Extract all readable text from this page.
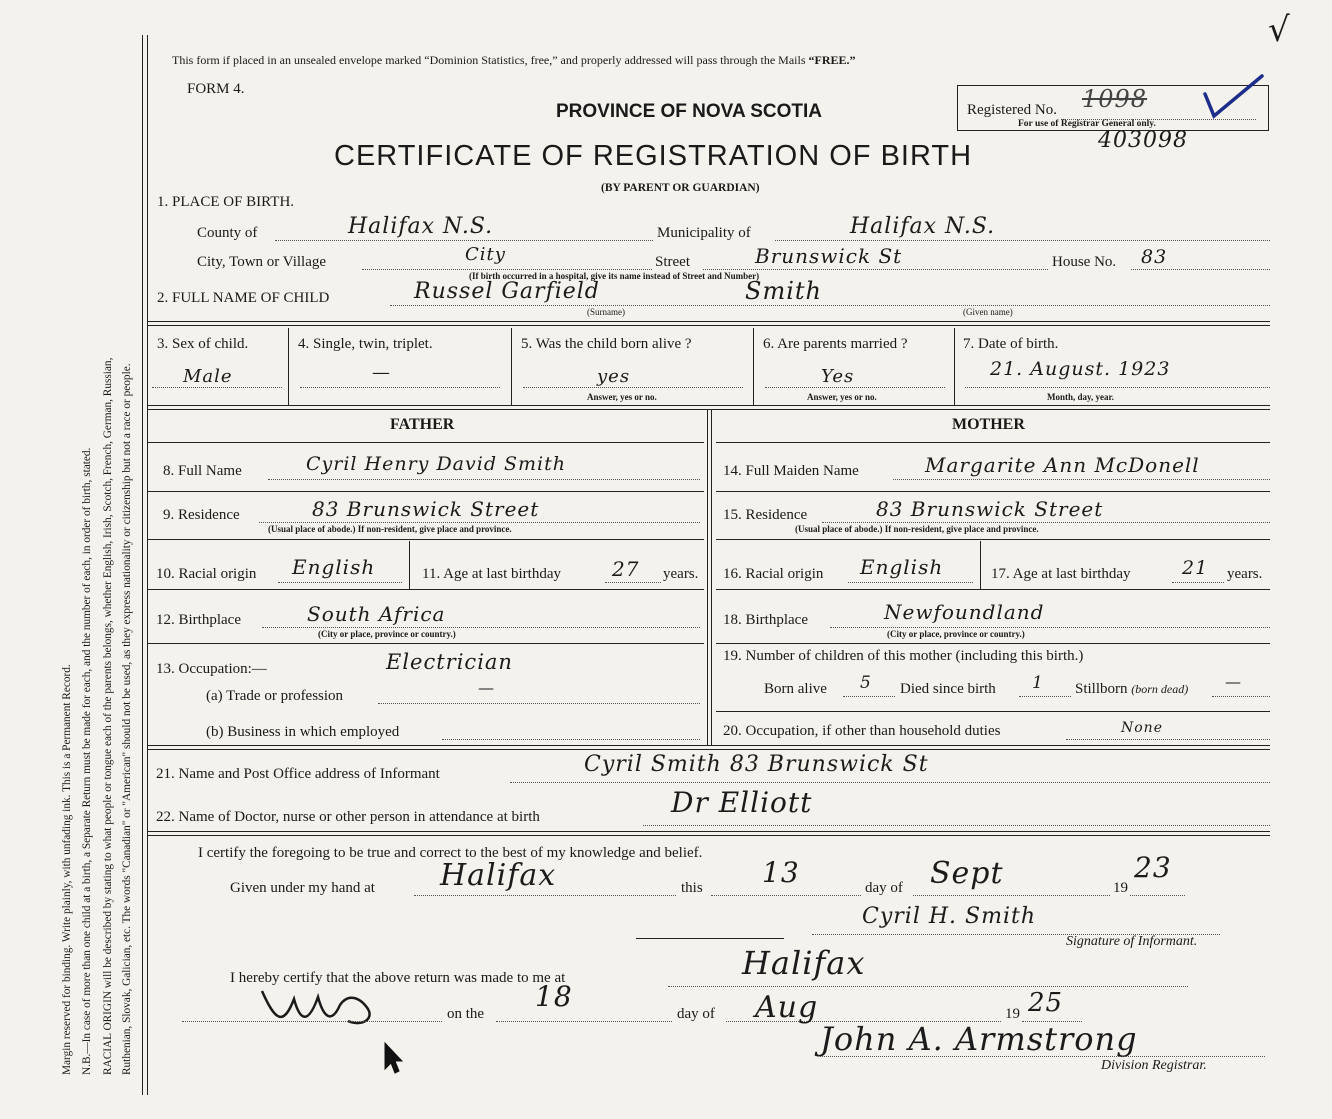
Margin reserved for binding. Write plainly, with unfading ink. This is a Permanent Record. N.B.—In case of more than one child at a birth, a Separate Return must be made for each, and the number of each, in order of birth, stated. RACIAL ORIGIN will be described by stating to what people or tongue each of the parents belongs, whether English, Irish, Scotch, French, German, Russian, Ruthenian, Slovak, Galician, etc. The words "Canadian" or "American" should not be used, as they express nationality or citizenship but not a race or people.
This form if placed in an unsealed envelope marked “Dominion Statistics, free,” and properly addressed will pass through the Mails “FREE.”
FORM 4.
PROVINCE OF NOVA SCOTIA
CERTIFICATE OF REGISTRATION OF BIRTH
(BY PARENT OR GUARDIAN)
Registered No. 1098
For use of Registrar General only.
403098
√
1. PLACE OF BIRTH.
County of	Halifax N.S.	Municipality of	Halifax N.S.
City, Town or Village	City	Street	Brunswick St	House No. 83
(If birth occurred in a hospital, give its name instead of Street and Number)
2. FULL NAME OF CHILD	Russel Garfield	Smith
(Surname)	(Given name)
3. Sex of child.
Male
4. Single, twin, triplet.
—
5. Was the child born alive ?
yes
Answer, yes or no.
6. Are parents married ?
Yes
Answer, yes or no.
7. Date of birth.
21. August. 1923
Month, day, year.
FATHER	MOTHER
8. Full Name	Cyril Henry David Smith	14. Full Maiden Name	Margarite Ann McDonell
9. Residence	83 Brunswick Street
(Usual place of abode.) If non-resident, give place and province.
15. Residence	83 Brunswick Street
(Usual place of abode.) If non-resident, give place and province.
10. Racial origin English	11. Age at last birthday	27 years. 16. Racial origin English	17. Age at last birthday	21 years.
12. Birthplace	South Africa
(City or place, province or country.)
18. Birthplace	Newfoundland
(City or place, province or country.)
13. Occupation:—	Electrician
(a) Trade or profession	—
(b) Business in which employed
19. Number of children of this mother (including this birth.)
Born alive 5 Died since birth 1 Stillborn (born dead) —
20. Occupation, if other than household duties	None
21. Name and Post Office address of Informant	Cyril Smith 83 Brunswick St
22. Name of Doctor, nurse or other person in attendance at birth	Dr Elliott
I certify the foregoing to be true and correct to the best of my knowledge and belief.
Given under my hand at Halifax	this 13	day of Sept	19
23
Cyril H. Smith
Signature of Informant.
I hereby certify that the above return was made to me at	Halifax
on the
18
day of Aug	19 25
John A. Armstrong
Division Registrar.
